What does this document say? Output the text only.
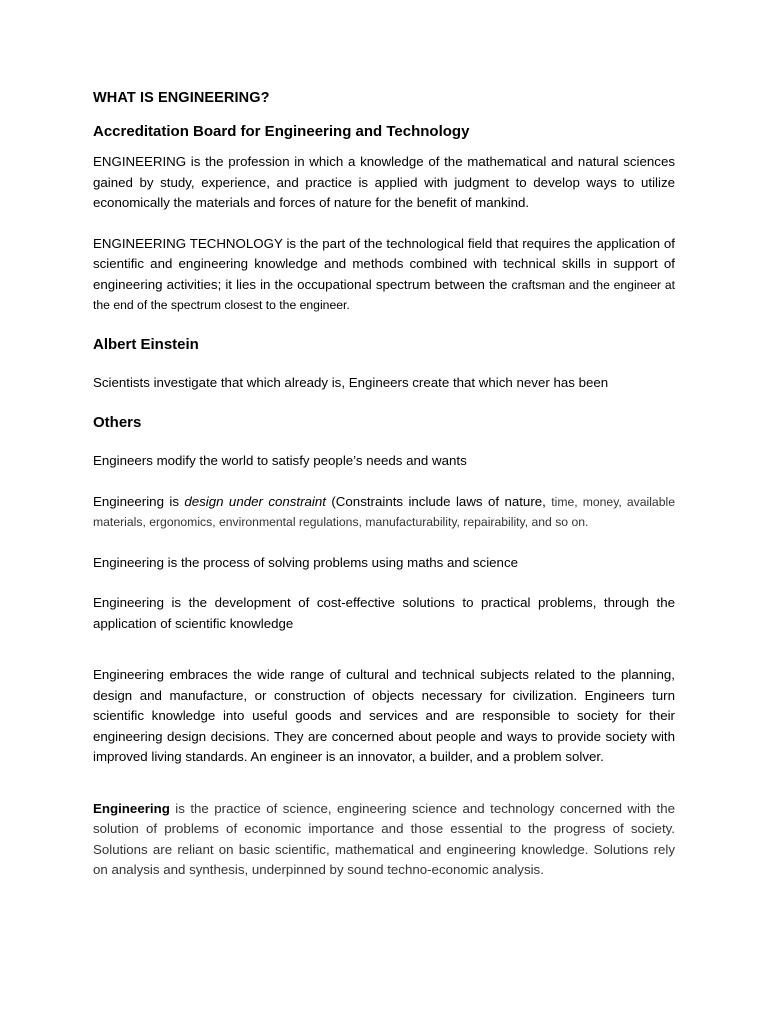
WHAT IS ENGINEERING?
Accreditation Board for Engineering and Technology

ENGINEERING is the profession in which a knowledge of the mathematical and natural sciences gained by study, experience, and practice is applied with judgment to develop ways to utilize economically the materials and forces of nature for the benefit of mankind.

ENGINEERING TECHNOLOGY is the part of the technological field that requires the application of scientific and engineering knowledge and methods combined with technical skills in support of engineering activities; it lies in the occupational spectrum between the craftsman and the engineer at the end of the spectrum closest to the engineer.

Albert Einstein

Scientists investigate that which already is, Engineers create that which never has been

Others

Engineers modify the world to satisfy people’s needs and wants

Engineering is design under constraint (Constraints include laws of nature, time, money, available materials, ergonomics, environmental regulations, manufacturability, repairability, and so on.

Engineering is the process of solving problems using maths and science

Engineering is the development of cost-effective solutions to practical problems, through the application of scientific knowledge

Engineering embraces the wide range of cultural and technical subjects related to the planning, design and manufacture, or construction of objects necessary for civilization. Engineers turn scientific knowledge into useful goods and services and are responsible to society for their engineering design decisions. They are concerned about people and ways to provide society with improved living standards. An engineer is an innovator, a builder, and a problem solver.

Engineering is the practice of science, engineering science and technology concerned with the solution of problems of economic importance and those essential to the progress of society. Solutions are reliant on basic scientific, mathematical and engineering knowledge. Solutions rely on analysis and synthesis, underpinned by sound techno-economic analysis.
